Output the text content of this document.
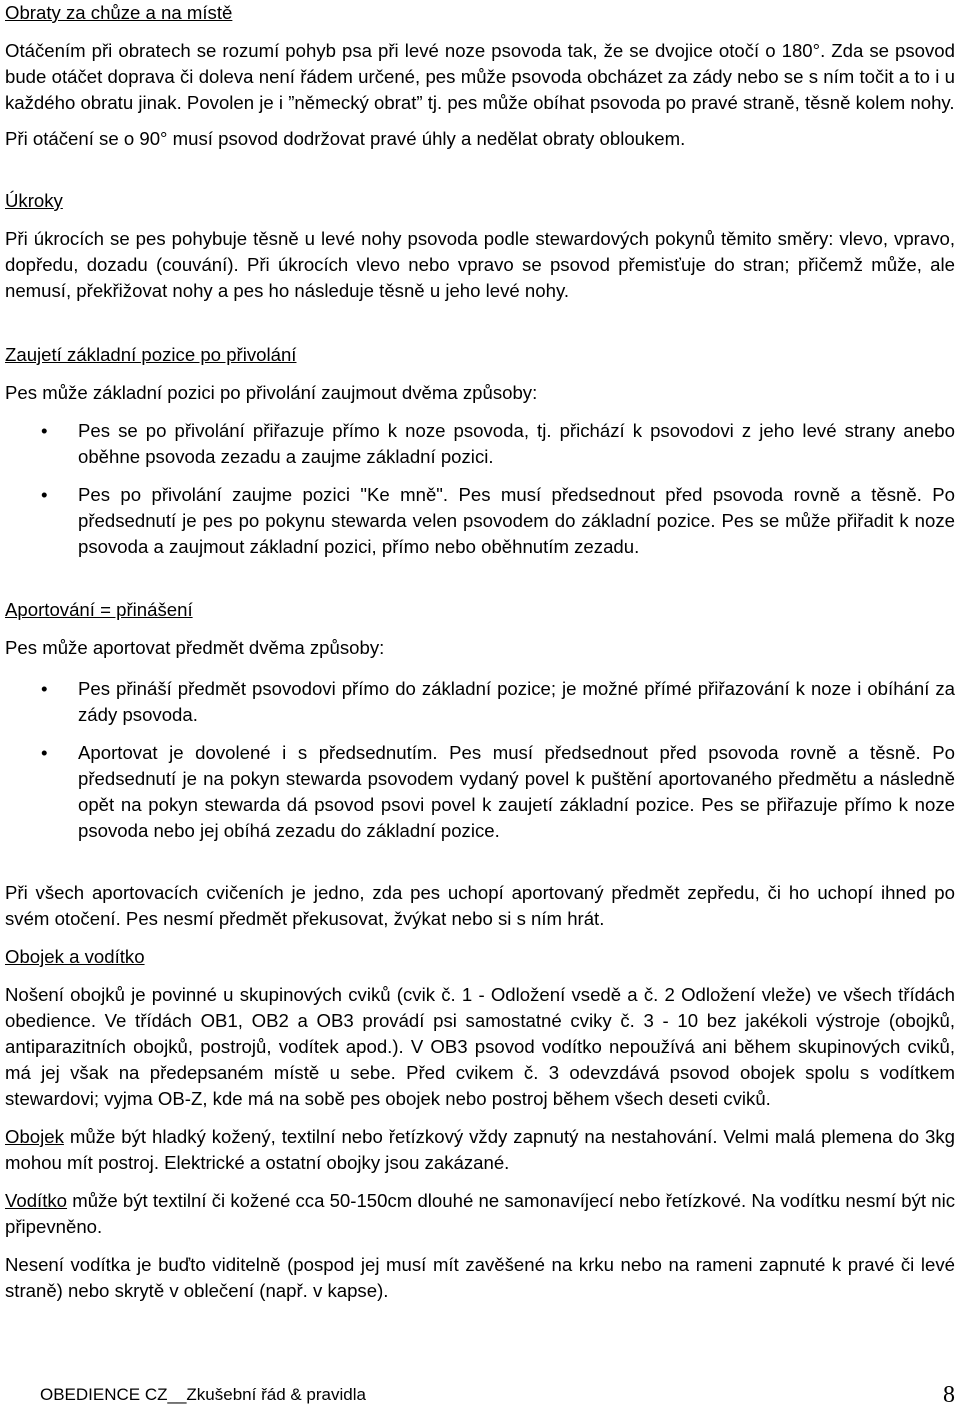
Obraty za chůze a na místě
Otáčením při obratech se rozumí pohyb psa při levé noze psovoda tak, že se dvojice otočí o 180°. Zda se psovod bude otáčet doprava či doleva není řádem určené, pes může psovoda obcházet za zády nebo se s ním točit a to i u každého obratu jinak. Povolen je i ”německý obrat” tj. pes může obíhat psovoda po pravé straně, těsně kolem nohy.
Při otáčení se o 90° musí psovod dodržovat pravé úhly a nedělat obraty obloukem.
Úkroky
Při úkrocích se pes pohybuje těsně u levé nohy psovoda podle stewardových pokynů těmito směry: vlevo, vpravo, dopředu, dozadu (couvání). Při úkrocích vlevo nebo vpravo se psovod přemisťuje do stran; přičemž může, ale nemusí, překřižovat nohy a pes ho následuje těsně u jeho levé nohy.
Zaujetí základní pozice po přivolání
Pes může základní pozici po přivolání zaujmout dvěma způsoby:
• Pes se po přivolání přiřazuje přímo k noze psovoda, tj. přichází k psovodovi z jeho levé strany anebo oběhne psovoda zezadu a zaujme základní pozici.
• Pes po přivolání zaujme pozici "Ke mně". Pes musí předsednout před psovoda rovně a těsně. Po předsednutí je pes po pokynu stewarda velen psovodem do základní pozice. Pes se může přiřadit k noze psovoda a zaujmout základní pozici, přímo nebo oběhnutím zezadu.
Aportování = přinášení
Pes může aportovat předmět dvěma způsoby:
• Pes přináší předmět psovodovi přímo do základní pozice; je možné přímé přiřazování k noze i obíhání za zády psovoda.
• Aportovat je dovolené i s předsednutím. Pes musí předsednout před psovoda rovně a těsně. Po předsednutí je na pokyn stewarda psovodem vydaný povel k puštění aportovaného předmětu a následně opět na pokyn stewarda dá psovod psovi povel k zaujetí základní pozice. Pes se přiřazuje přímo k noze psovoda nebo jej obíhá zezadu do základní pozice.
Při všech aportovacích cvičeních je jedno, zda pes uchopí aportovaný předmět zepředu, či ho uchopí ihned po svém otočení. Pes nesmí předmět překusovat, žvýkat nebo si s ním hrát.
Obojek a vodítko
Nošení obojků je povinné u skupinových cviků (cvik č. 1 - Odložení vsedě a č. 2 Odložení vleže) ve všech třídách obedience. Ve třídách OB1, OB2 a OB3 provádí psi samostatné cviky č. 3 - 10 bez jakékoli výstroje (obojků, antiparazitních obojků, postrojů, vodítek apod.). V OB3 psovod vodítko nepoužívá ani během skupinových cviků, má jej však na předepsaném místě u sebe. Před cvikem č. 3 odevzdává psovod obojek spolu s vodítkem stewardovi; vyjma OB-Z, kde má na sobě pes obojek nebo postroj během všech deseti cviků.
Obojek může být hladký kožený, textilní nebo řetízkový vždy zapnutý na nestahování. Velmi malá plemena do 3kg mohou mít postroj. Elektrické a ostatní obojky jsou zakázané.
Vodítko může být textilní či kožené cca 50-150cm dlouhé ne samonavíjecí nebo řetízkové. Na vodítku nesmí být nic připevněno.
Nesení vodítka je buďto viditelně (pospod jej musí mít zavěšené na krku nebo na rameni zapnuté k pravé či levé straně) nebo skrytě v oblečení (např. v kapse).
OBEDIENCE CZ__Zkušební řád & pravidla	8
